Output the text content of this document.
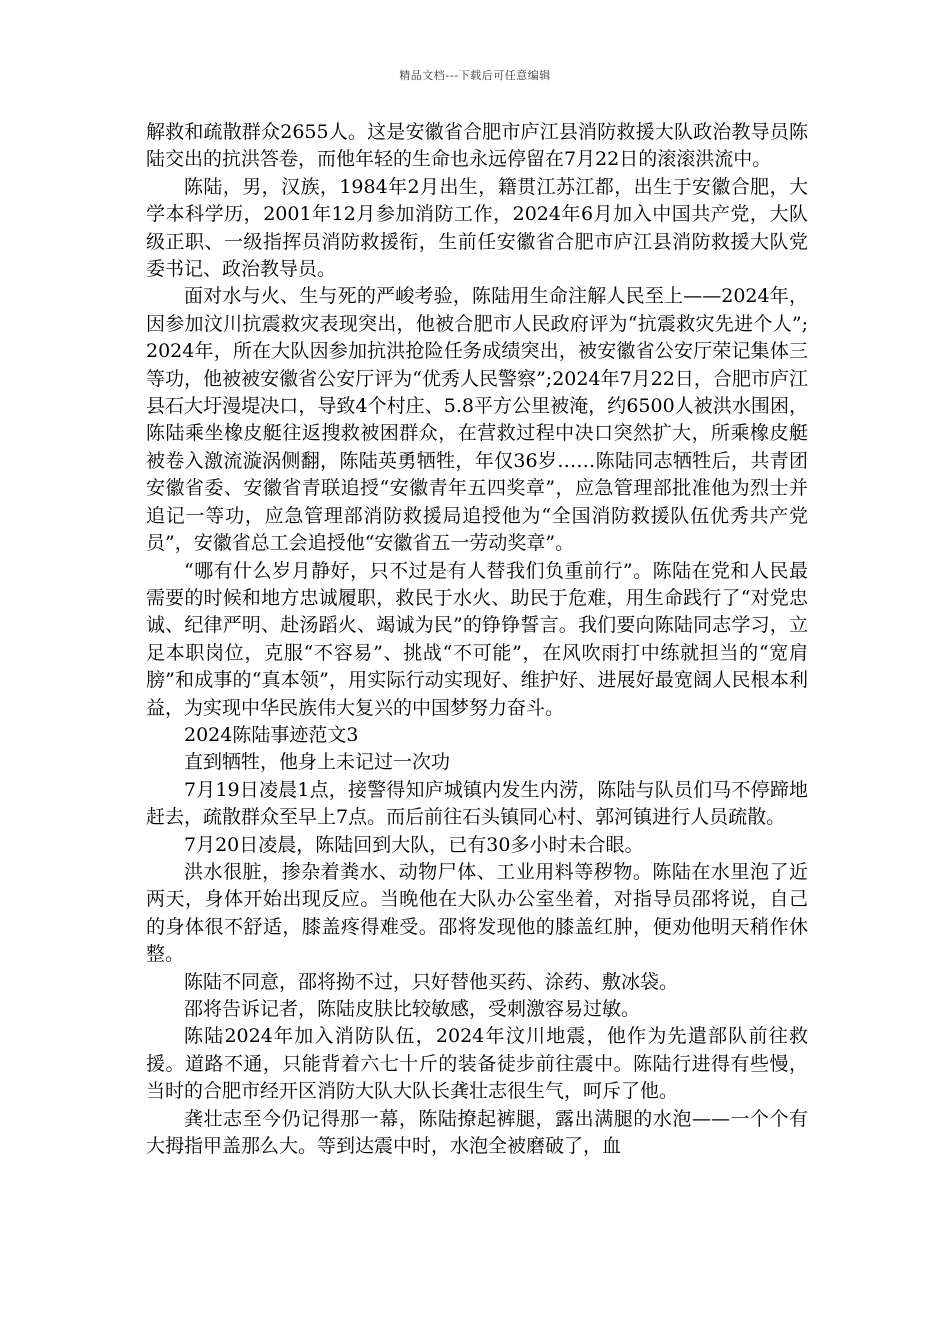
精品文档---下载后可任意编辑

解救和疏散群众2655人。这是安徽省合肥市庐江县消防救援大队政治教导员陈陆交出的抗洪答卷，而他年轻的生命也永远停留在7月22日的滚滚洪流中。

陈陆，男，汉族，1984年2月出生，籍贯江苏江都，出生于安徽合肥，大学本科学历，2001年12月参加消防工作，2024年6月加入中国共产党，大队级正职、一级指挥员消防救援衔，生前任安徽省合肥市庐江县消防救援大队党委书记、政治教导员。

面对水与火、生与死的严峻考验，陈陆用生命注解人民至上——2024年，因参加汶川抗震救灾表现突出，他被合肥市人民政府评为“抗震救灾先进个人”;2024年，所在大队因参加抗洪抢险任务成绩突出，被安徽省公安厅荣记集体三等功，他被被安徽省公安厅评为“优秀人民警察”;2024年7月22日，合肥市庐江县石大圩漫堤决口，导致4个村庄、5.8平方公里被淹，约6500人被洪水围困，陈陆乘坐橡皮艇往返搜救被困群众，在营救过程中决口突然扩大，所乘橡皮艇被卷入激流漩涡侧翻，陈陆英勇牺牲，年仅36岁……陈陆同志牺牲后，共青团安徽省委、安徽省青联追授“安徽青年五四奖章”，应急管理部批准他为烈士并追记一等功，应急管理部消防救援局追授他为“全国消防救援队伍优秀共产党员”，安徽省总工会追授他“安徽省五一劳动奖章”。

“哪有什么岁月静好，只不过是有人替我们负重前行”。陈陆在党和人民最需要的时候和地方忠诚履职，救民于水火、助民于危难，用生命践行了“对党忠诚、纪律严明、赴汤蹈火、竭诚为民”的铮铮誓言。我们要向陈陆同志学习，立足本职岗位，克服“不容易”、挑战“不可能”，在风吹雨打中练就担当的“宽肩膀”和成事的“真本领”，用实际行动实现好、维护好、进展好最宽阔人民根本利益，为实现中华民族伟大复兴的中国梦努力奋斗。

2024陈陆事迹范文3

直到牺牲，他身上未记过一次功

7月19日凌晨1点，接警得知庐城镇内发生内涝，陈陆与队员们马不停蹄地赶去，疏散群众至早上7点。而后前往石头镇同心村、郭河镇进行人员疏散。

7月20日凌晨，陈陆回到大队，已有30多小时未合眼。

洪水很脏，掺杂着粪水、动物尸体、工业用料等秽物。陈陆在水里泡了近两天，身体开始出现反应。当晚他在大队办公室坐着，对指导员邵将说，自己的身体很不舒适，膝盖疼得难受。邵将发现他的膝盖红肿，便劝他明天稍作休整。

陈陆不同意，邵将拗不过，只好替他买药、涂药、敷冰袋。

邵将告诉记者，陈陆皮肤比较敏感，受刺激容易过敏。

陈陆2024年加入消防队伍，2024年汶川地震，他作为先遣部队前往救援。道路不通，只能背着六七十斤的装备徒步前往震中。陈陆行进得有些慢，当时的合肥市经开区消防大队大队长龚壮志很生气，呵斥了他。

龚壮志至今仍记得那一幕，陈陆撩起裤腿，露出满腿的水泡——一个个有大拇指甲盖那么大。等到达震中时，水泡全被磨破了，血
